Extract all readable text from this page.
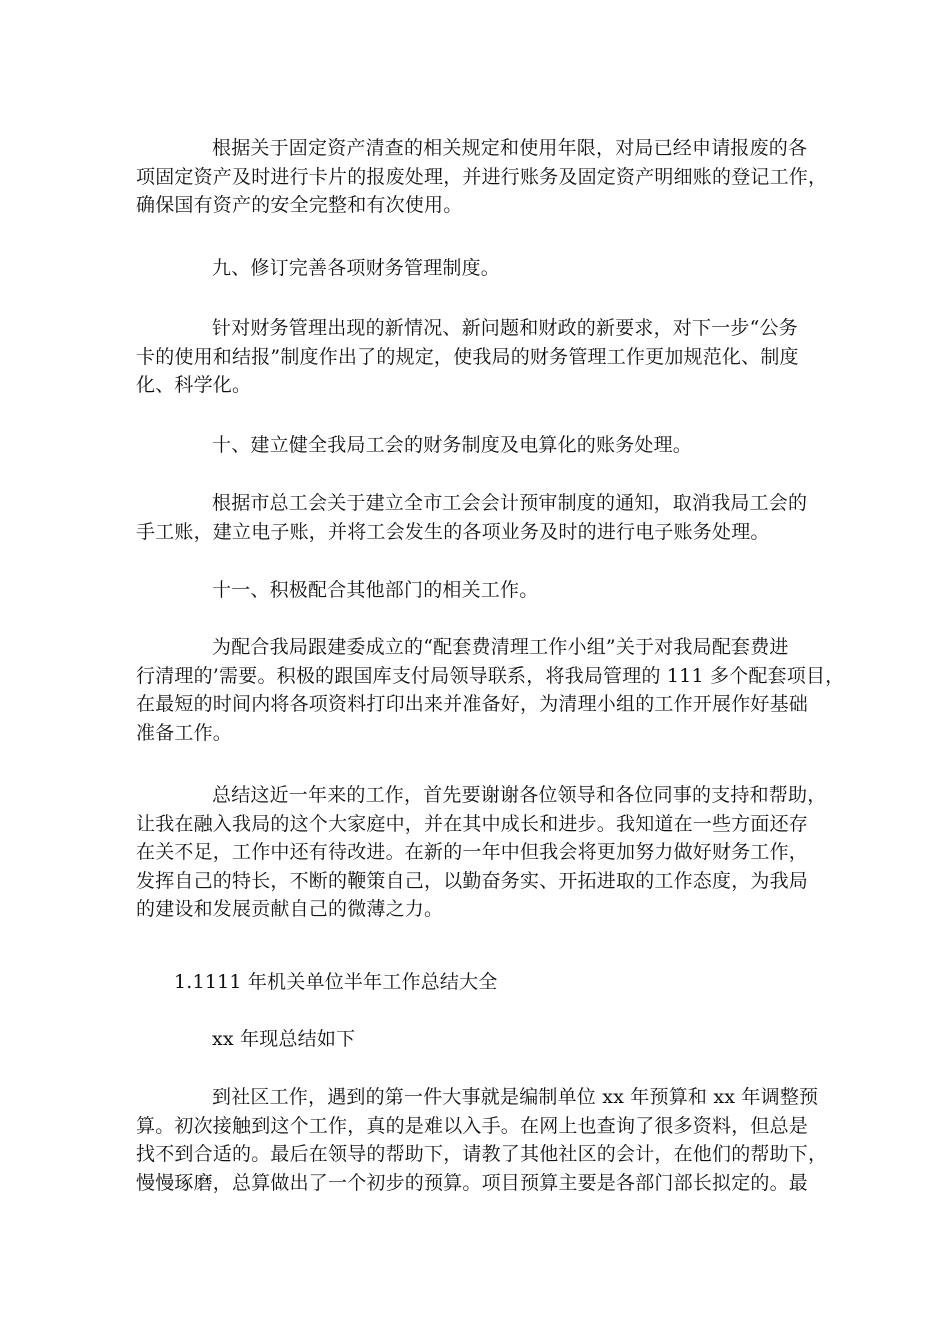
根据关于固定资产清查的相关规定和使用年限，对局已经申请报废的各
项固定资产及时进行卡片的报废处理，并进行账务及固定资产明细账的登记工作，
确保国有资产的安全完整和有次使用。
九、修订完善各项财务管理制度。
针对财务管理出现的新情况、新问题和财政的新要求，对下一步“公务
卡的使用和结报”制度作出了的规定，使我局的财务管理工作更加规范化、制度
化、科学化。
十、建立健全我局工会的财务制度及电算化的账务处理。
根据市总工会关于建立全市工会会计预审制度的通知，取消我局工会的
手工账，建立电子账，并将工会发生的各项业务及时的进行电子账务处理。
十一、积极配合其他部门的相关工作。
为配合我局跟建委成立的“配套费清理工作小组”关于对我局配套费进
行清理的’需要。积极的跟国库支付局领导联系，将我局管理的 111 多个配套项目，
在最短的时间内将各项资料打印出来并准备好，为清理小组的工作开展作好基础
准备工作。
总结这近一年来的工作，首先要谢谢各位领导和各位同事的支持和帮助，
让我在融入我局的这个大家庭中，并在其中成长和进步。我知道在一些方面还存
在关不足，工作中还有待改进。在新的一年中但我会将更加努力做好财务工作，
发挥自己的特长，不断的鞭策自己，以勤奋务实、开拓进取的工作态度，为我局
的建设和发展贡献自己的微薄之力。
1.1111 年机关单位半年工作总结大全
xx 年现总结如下
到社区工作，遇到的第一件大事就是编制单位 xx 年预算和 xx 年调整预
算。初次接触到这个工作，真的是难以入手。在网上也查询了很多资料，但总是
找不到合适的。最后在领导的帮助下，请教了其他社区的会计，在他们的帮助下，
慢慢琢磨，总算做出了一个初步的预算。项目预算主要是各部门部长拟定的。最
